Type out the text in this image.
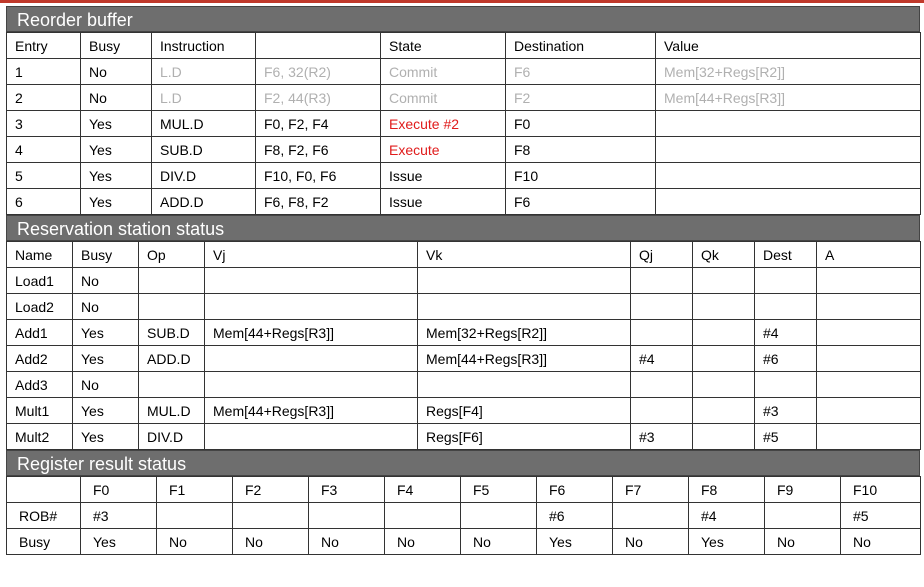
Reorder buffer
Entry	Busy	Instruction		State	Destination	Value
1	No	L.D	F6, 32(R2)	Commit	F6	Mem[32+Regs[R2]]
2	No	L.D	F2, 44(R3)	Commit	F2	Mem[44+Regs[R3]]
3	Yes	MUL.D	F0, F2, F4	Execute #2	F0	
4	Yes	SUB.D	F8, F2, F6	Execute	F8	
5	Yes	DIV.D	F10, F0, F6	Issue	F10	
6	Yes	ADD.D	F6, F8, F2	Issue	F6	
Reservation station status
Name	Busy	Op	Vj	Vk	Qj	Qk	Dest	A
Load1	No							
Load2	No							
Add1	Yes	SUB.D	Mem[44+Regs[R3]]	Mem[32+Regs[R2]]			#4	
Add2	Yes	ADD.D		Mem[44+Regs[R3]]	#4		#6	
Add3	No							
Mult1	Yes	MUL.D	Mem[44+Regs[R3]]	Regs[F4]			#3	
Mult2	Yes	DIV.D		Regs[F6]	#3		#5	
Register result status
	F0	F1	F2	F3	F4	F5	F6	F7	F8	F9	F10
ROB#	#3						#6		#4		#5
Busy	Yes	No	No	No	No	No	Yes	No	Yes	No	No
